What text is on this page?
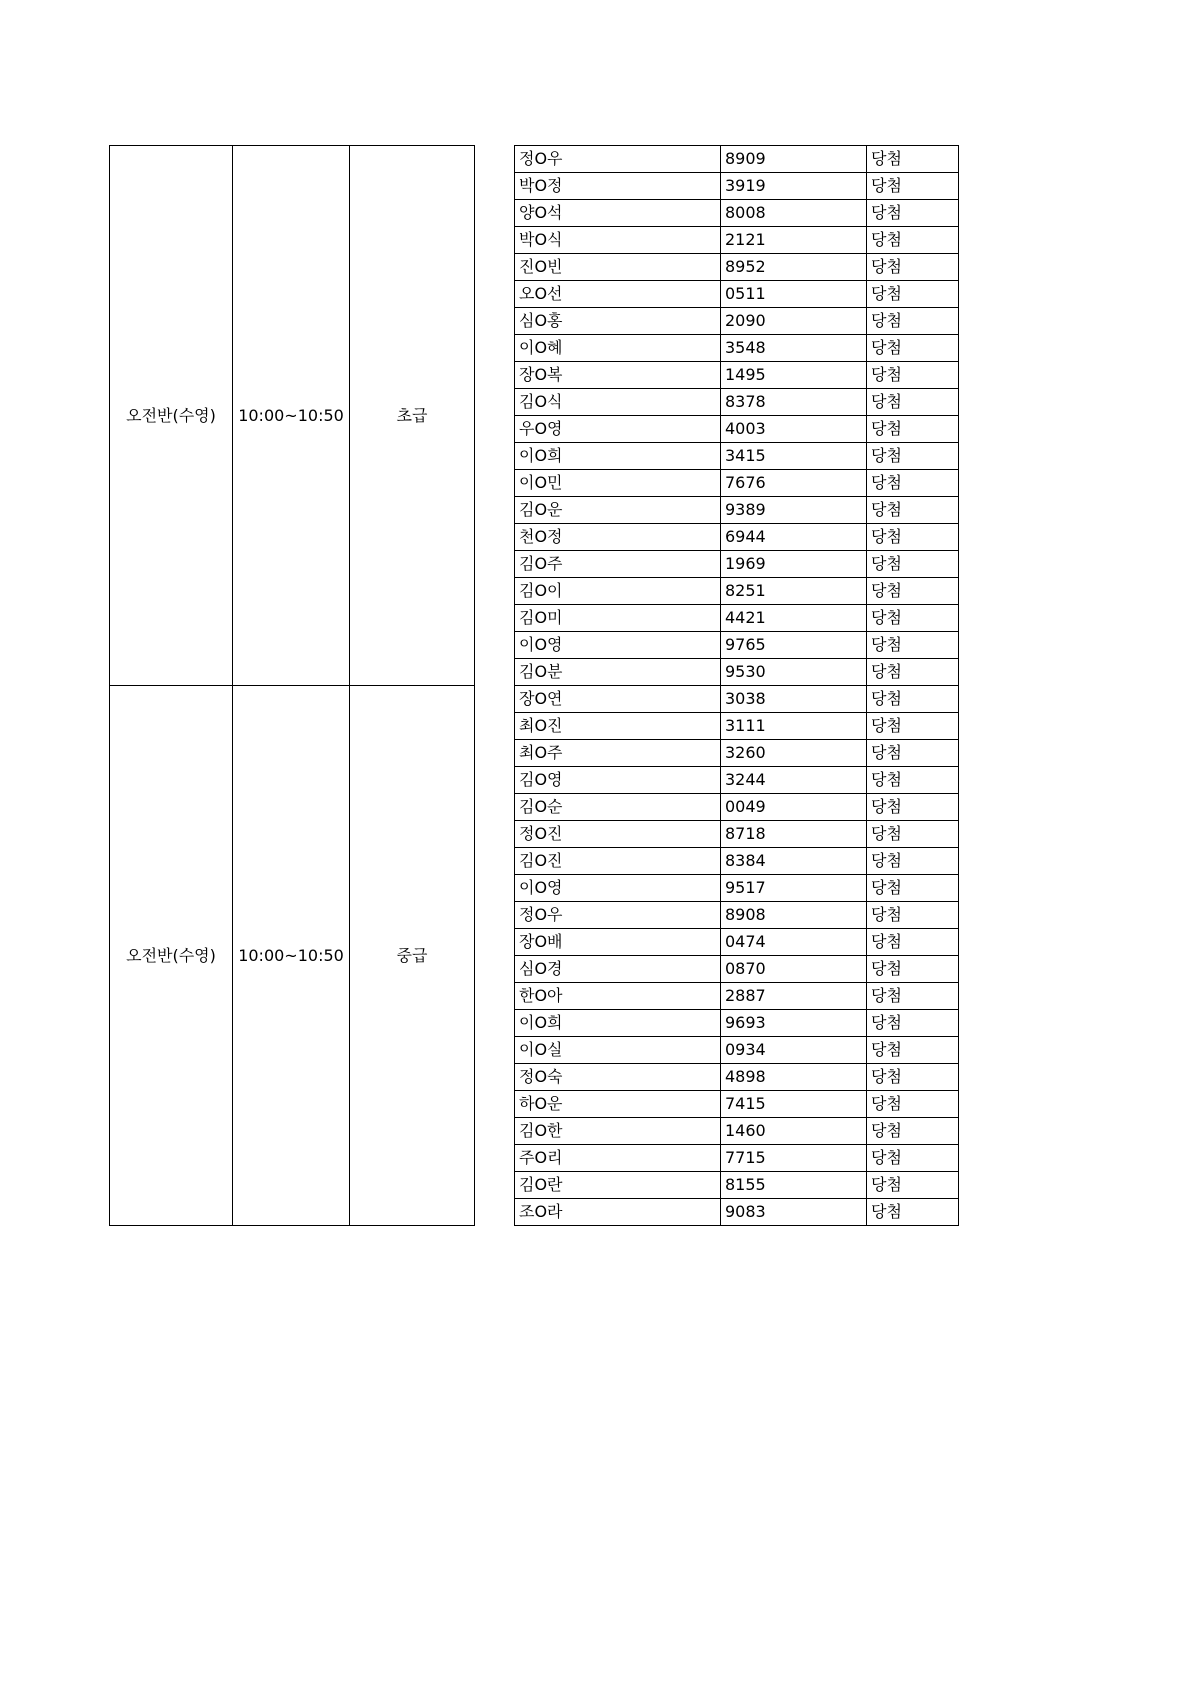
오전반(수영)	10:00~10:50	초급		정O우	8909	당첨
				박O정	3919	당첨
				양O석	8008	당첨
				박O식	2121	당첨
				진O빈	8952	당첨
				오O선	0511	당첨
				심O홍	2090	당첨
				이O혜	3548	당첨
				장O복	1495	당첨
				김O식	8378	당첨
				우O영	4003	당첨
				이O희	3415	당첨
				이O민	7676	당첨
				김O운	9389	당첨
				천O정	6944	당첨
				김O주	1969	당첨
				김O이	8251	당첨
				김O미	4421	당첨
				이O영	9765	당첨
				김O분	9530	당첨
오전반(수영)	10:00~10:50	중급		장O연	3038	당첨
				최O진	3111	당첨
				최O주	3260	당첨
				김O영	3244	당첨
				김O순	0049	당첨
				정O진	8718	당첨
				김O진	8384	당첨
				이O영	9517	당첨
				정O우	8908	당첨
				장O배	0474	당첨
				심O경	0870	당첨
				한O아	2887	당첨
				이O희	9693	당첨
				이O실	0934	당첨
				정O숙	4898	당첨
				하O운	7415	당첨
				김O한	1460	당첨
				주O리	7715	당첨
				김O란	8155	당첨
				조O라	9083	당첨
